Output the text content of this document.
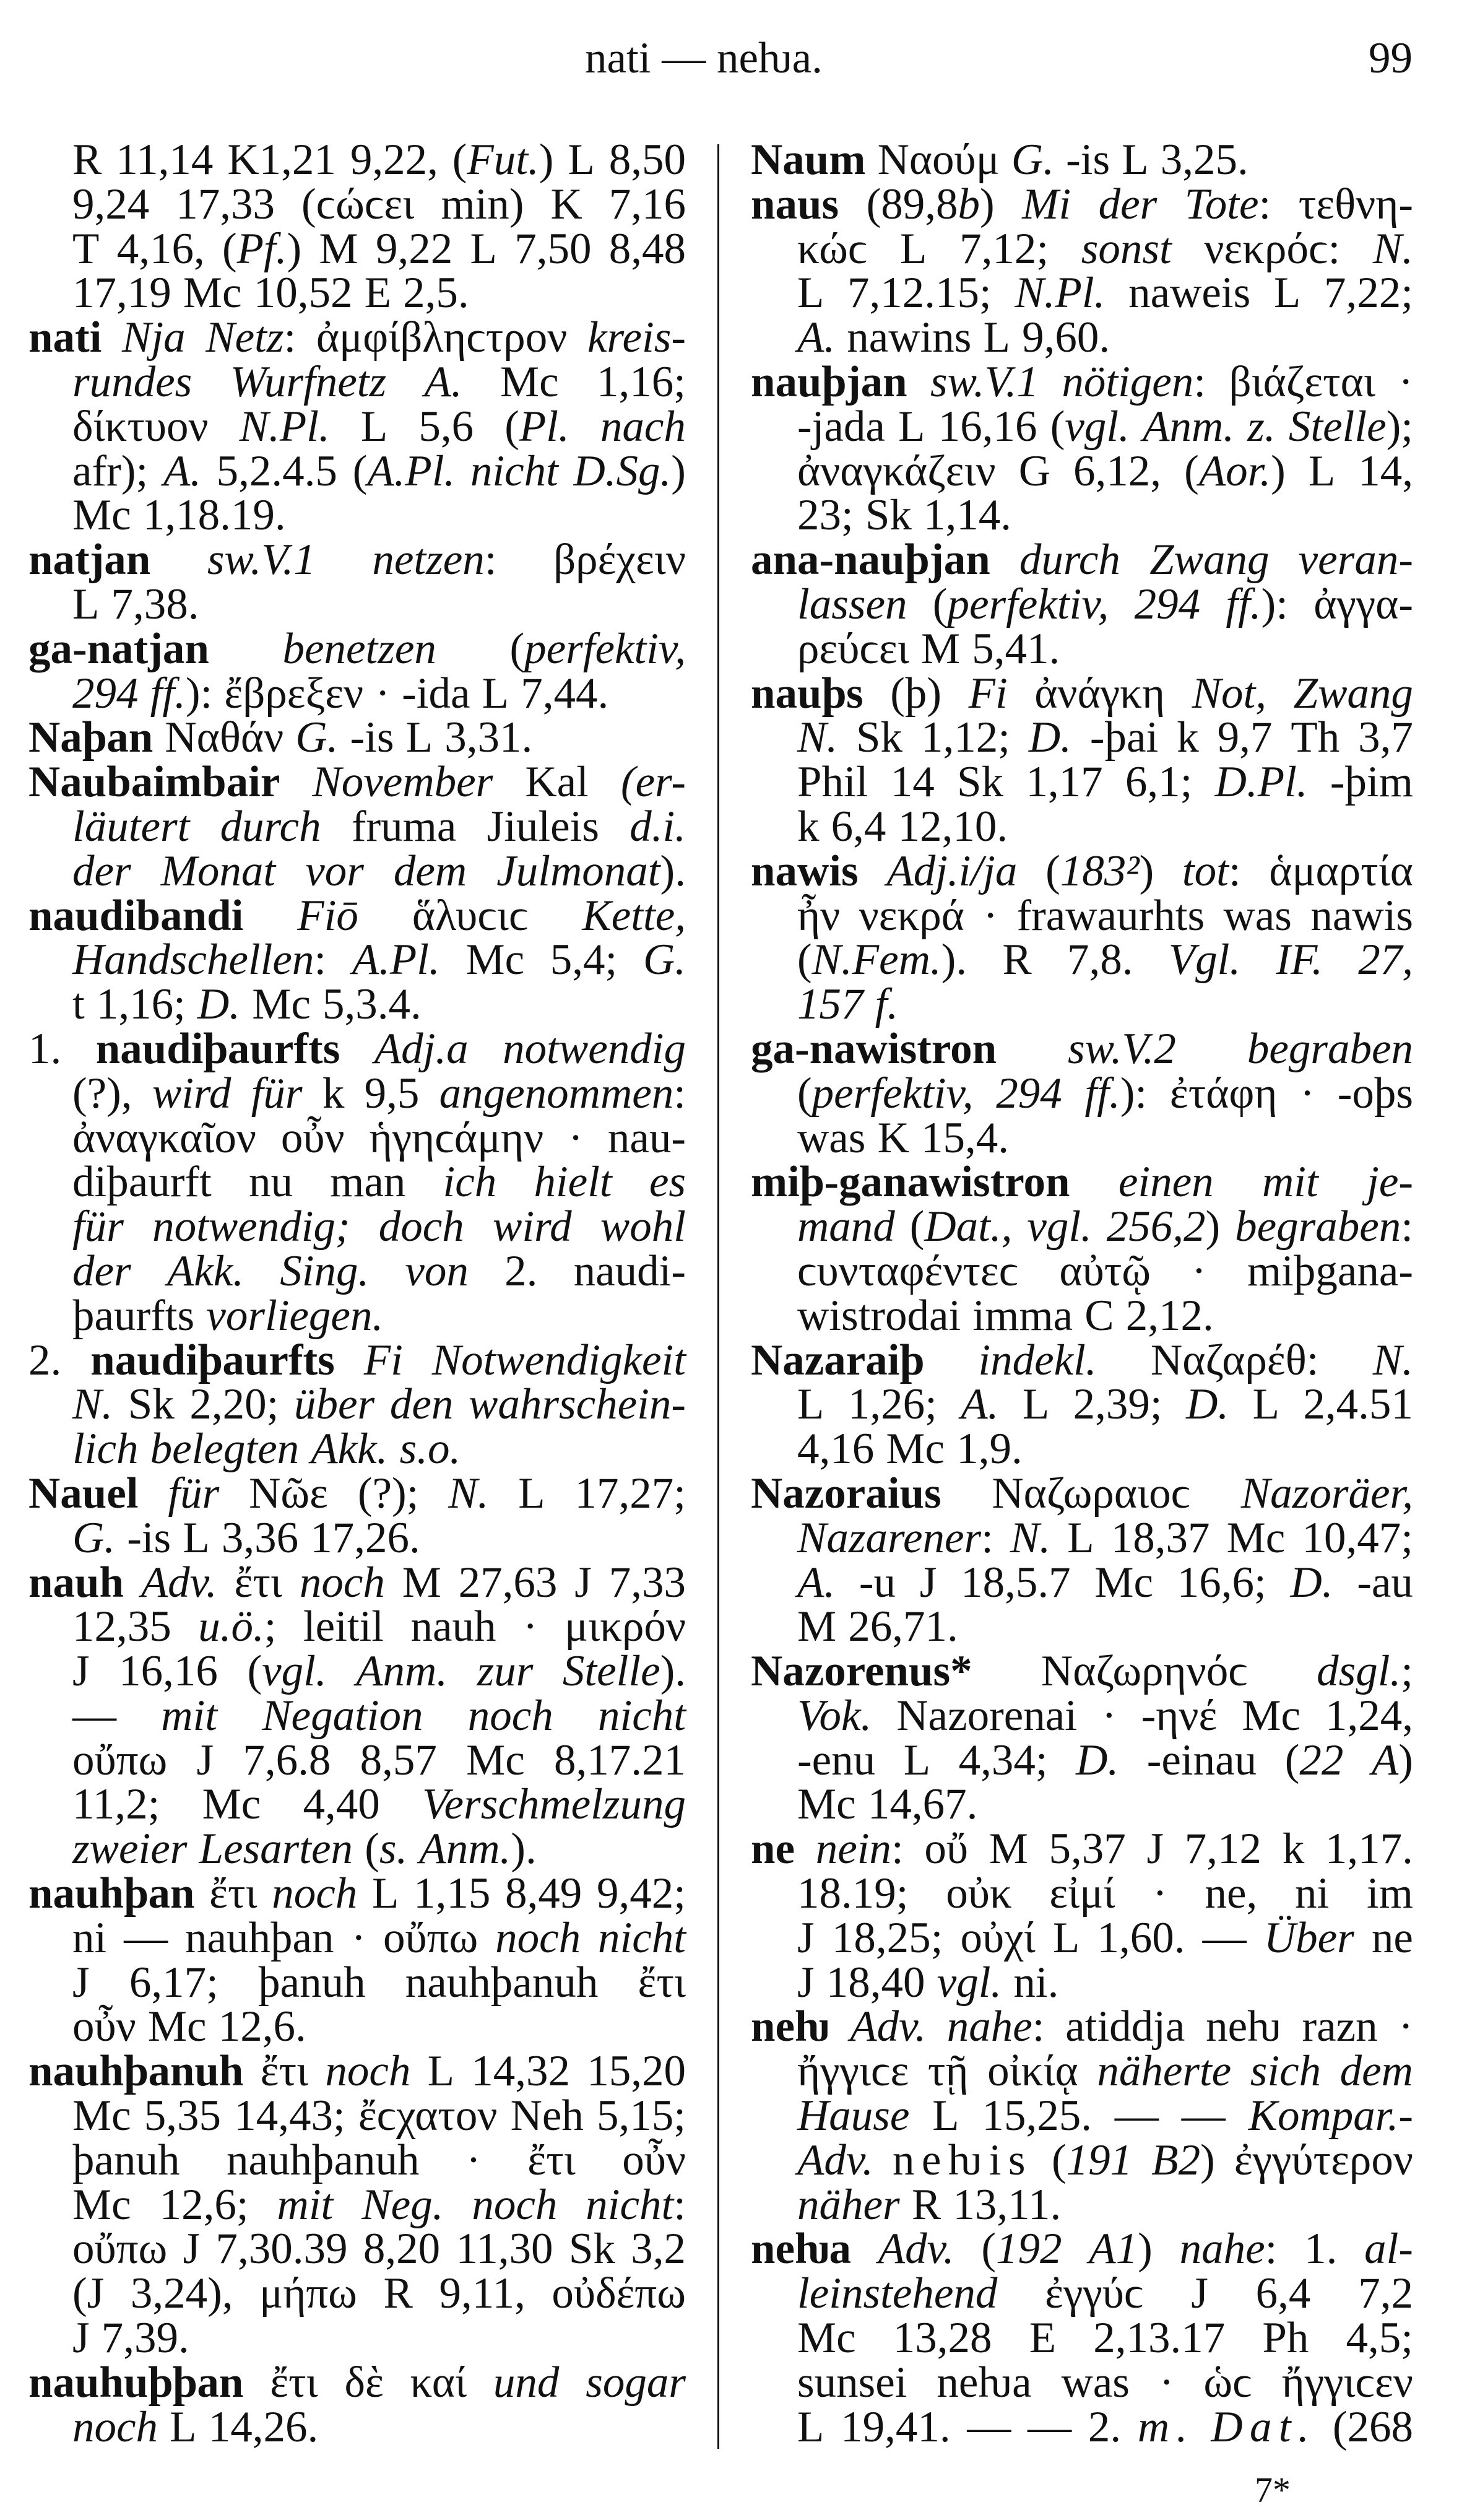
nati — neƕa.	99
R 11,14 K1,21 9,22, (Fut.) L 8,50
9,24 17,33 (ϲώϲει min) K 7,16
T 4,16, (Pf.) M 9,22 L 7,50 8,48
17,19 Mc 10,52 E 2,5.
nati Nja Netz: ἀμφίβληϲτρον kreis-
rundes Wurfnetz A. Mc 1,16;
δίκτυον N.Pl. L 5,6 (Pl. nach
afr); A. 5,2.4.5 (A.Pl. nicht D.Sg.)
Mc 1,18.19.
natjan sw.V.1 netzen: βρέχειν
L 7,38.
ga-natjan benetzen (perfektiv,
294 ff.): ἔβρεξεν · -ida L 7,44.
Naþan Ναθάν G. -is L 3,31.
Naubaimbair November Kal (er-
läutert durch fruma Jiuleis d.i.
der Monat vor dem Julmonat).
naudibandi Fiō ἅλυϲιϲ Kette,
Handschellen: A.Pl. Mc 5,4; G.
t 1,16; D. Mc 5,3.4.
1. naudiþaurfts Adj.a notwendig
(?), wird für k 9,5 angenommen:
ἀναγκαῖον οὖν ἡγηϲάμην · nau-
diþaurft nu man ich hielt es
für notwendig; doch wird wohl
der Akk. Sing. von 2. naudi-
þaurfts vorliegen.
2. naudiþaurfts Fi Notwendigkeit
N. Sk 2,20; über den wahrschein-
lich belegten Akk. s.o.
Nauel für Νῶε (?); N. L 17,27;
G. -is L 3,36 17,26.
nauh Adv. ἔτι noch M 27,63 J 7,33
12,35 u.ö.; leitil nauh · μικρόν
J 16,16 (vgl. Anm. zur Stelle).
— mit Negation noch nicht
οὔπω J 7,6.8 8,57 Mc 8,17.21
11,2; Mc 4,40 Verschmelzung
zweier Lesarten (s. Anm.).
nauhþan ἔτι noch L 1,15 8,49 9,42;
ni — nauhþan · οὔπω noch nicht
J 6,17; þanuh nauhþanuh ἔτι
οὖν Mc 12,6.
nauhþanuh ἔτι noch L 14,32 15,20
Mc 5,35 14,43; ἔϲχατον Neh 5,15;
þanuh nauhþanuh · ἔτι οὖν
Mc 12,6; mit Neg. noch nicht:
οὔπω J 7,30.39 8,20 11,30 Sk 3,2
(J 3,24), μήπω R 9,11, οὐδέπω
J 7,39.
nauhuþþan ἔτι δὲ καί und sogar
noch L 14,26.
Naum Ναούμ G. -is L 3,25.
naus (89,8b) Mi der Tote: τεθνη-
κώϲ L 7,12; sonst νεκρόϲ: N.
L 7,12.15; N.Pl. naweis L 7,22;
A. nawins L 9,60.
nauþjan sw.V.1 nötigen: βιάζεται ·
-jada L 16,16 (vgl. Anm. z. Stelle);
ἀναγκάζειν G 6,12, (Aor.) L 14,
23; Sk 1,14.
ana-nauþjan durch Zwang veran-
lassen (perfektiv, 294 ff.): ἀγγα-
ρεύϲει M 5,41.
nauþs (þ) Fi ἀνάγκη Not, Zwang
N. Sk 1,12; D. -þai k 9,7 Th 3,7
Phil 14 Sk 1,17 6,1; D.Pl. -þim
k 6,4 12,10.
nawis Adj.i/ja (183²) tot: ἁμαρτία
ἦν νεκρά · frawaurhts was nawis
(N.Fem.). R 7,8. Vgl. IF. 27,
157 f.
ga-nawistron sw.V.2 begraben
(perfektiv, 294 ff.): ἐτάφη · -oþs
was K 15,4.
miþ-ganawistron einen mit je-
mand (Dat., vgl. 256,2) begraben:
ϲυνταφέντεϲ αὐτῷ · miþgana-
wistrodai imma C 2,12.
Nazaraiþ indekl. Ναζαρέθ: N.
L 1,26; A. L 2,39; D. L 2,4.51
4,16 Mc 1,9.
Nazoraius Ναζωραιοϲ Nazoräer,
Nazarener: N. L 18,37 Mc 10,47;
A. -u J 18,5.7 Mc 16,6; D. -au
M 26,71.
Nazorenus* Ναζωρηνόϲ dsgl.;
Vok. Nazorenai · -ηνέ Mc 1,24,
-enu L 4,34; D. -einau (22 A)
Mc 14,67.
ne nein: οὔ M 5,37 J 7,12 k 1,17.
18.19; οὐκ εἰμί · ne, ni im
J 18,25; οὐχί L 1,60. — Über ne
J 18,40 vgl. ni.
neƕ Adv. nahe: atiddja neƕ razn ·
ἤγγιϲε τῇ οἰκίᾳ näherte sich dem
Hause L 15,25. — — Kompar.-
Adv. neƕis (191 B2) ἐγγύτερον
näher R 13,11.
neƕa Adv. (192 A1) nahe: 1. al-
leinstehend ἐγγύϲ J 6,4 7,2
Mc 13,28 E 2,13.17 Ph 4,5;
sunsei neƕa was · ὡϲ ἤγγιϲεν
L 19,41. — — 2. m. Dat. (268
7*
